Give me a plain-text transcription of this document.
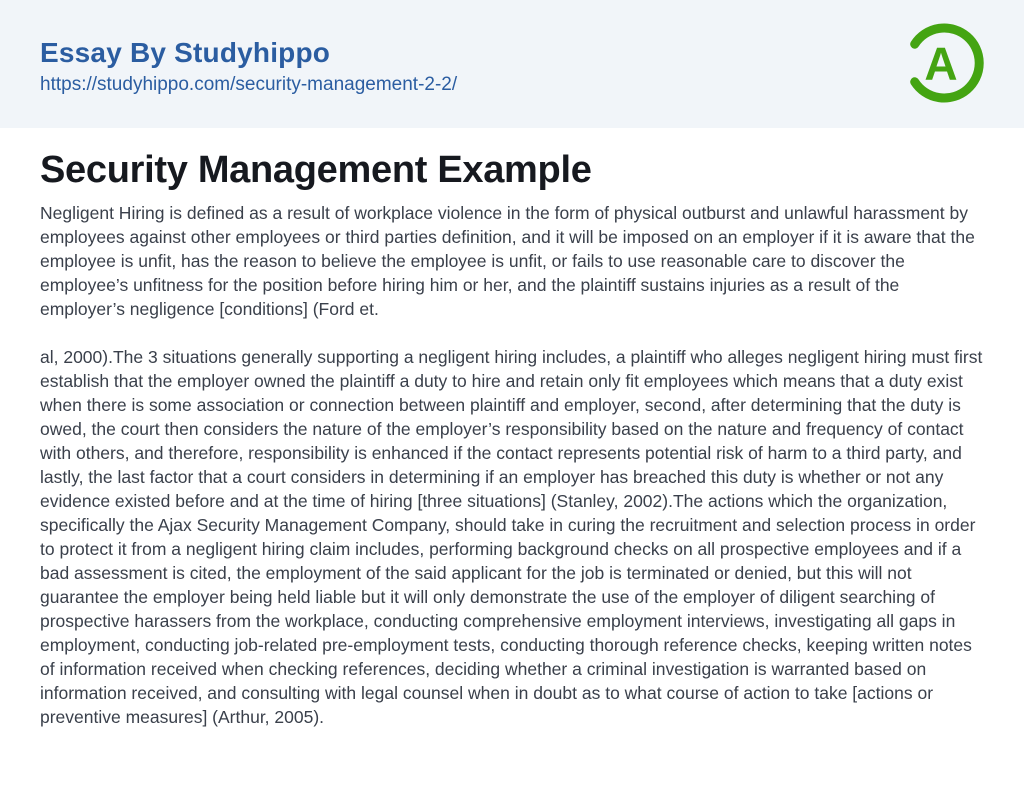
Essay By Studyhippo
https://studyhippo.com/security-management-2-2/	A
Security Management Example

Negligent Hiring is defined as a result of workplace violence in the form of physical outburst and unlawful harassment by employees against other employees or third parties definition, and it will be imposed on an employer if it is aware that the employee is unfit, has the reason to believe the employee is unfit, or fails to use reasonable care to discover the employee’s unfitness for the position before hiring him or her, and the plaintiff sustains injuries as a result of the employer’s negligence [conditions] (Ford et.

al, 2000).The 3 situations generally supporting a negligent hiring includes, a plaintiff who alleges negligent hiring must first establish that the employer owned the plaintiff a duty to hire and retain only fit employees which means that a duty exist when there is some association or connection between plaintiff and employer, second, after determining that the duty is owed, the court then considers the nature of the employer’s responsibility based on the nature and frequency of contact with others, and therefore, responsibility is enhanced if the contact represents potential risk of harm to a third party, and lastly, the last factor that a court considers in determining if an employer has breached this duty is whether or not any evidence existed before and at the time of hiring [three situations] (Stanley, 2002).The actions which the organization, specifically the Ajax Security Management Company, should take in curing the recruitment and selection process in order to protect it from a negligent hiring claim includes, performing background checks on all prospective employees and if a bad assessment is cited, the employment of the said applicant for the job is terminated or denied, but this will not guarantee the employer being held liable but it will only demonstrate the use of the employer of diligent searching of prospective harassers from the workplace, conducting comprehensive employment interviews, investigating all gaps in employment, conducting job-related pre-employment tests, conducting thorough reference checks, keeping written notes of information received when checking references, deciding whether a criminal investigation is warranted based on information received, and consulting with legal counsel when in doubt as to what course of action to take [actions or preventive measures] (Arthur, 2005).
